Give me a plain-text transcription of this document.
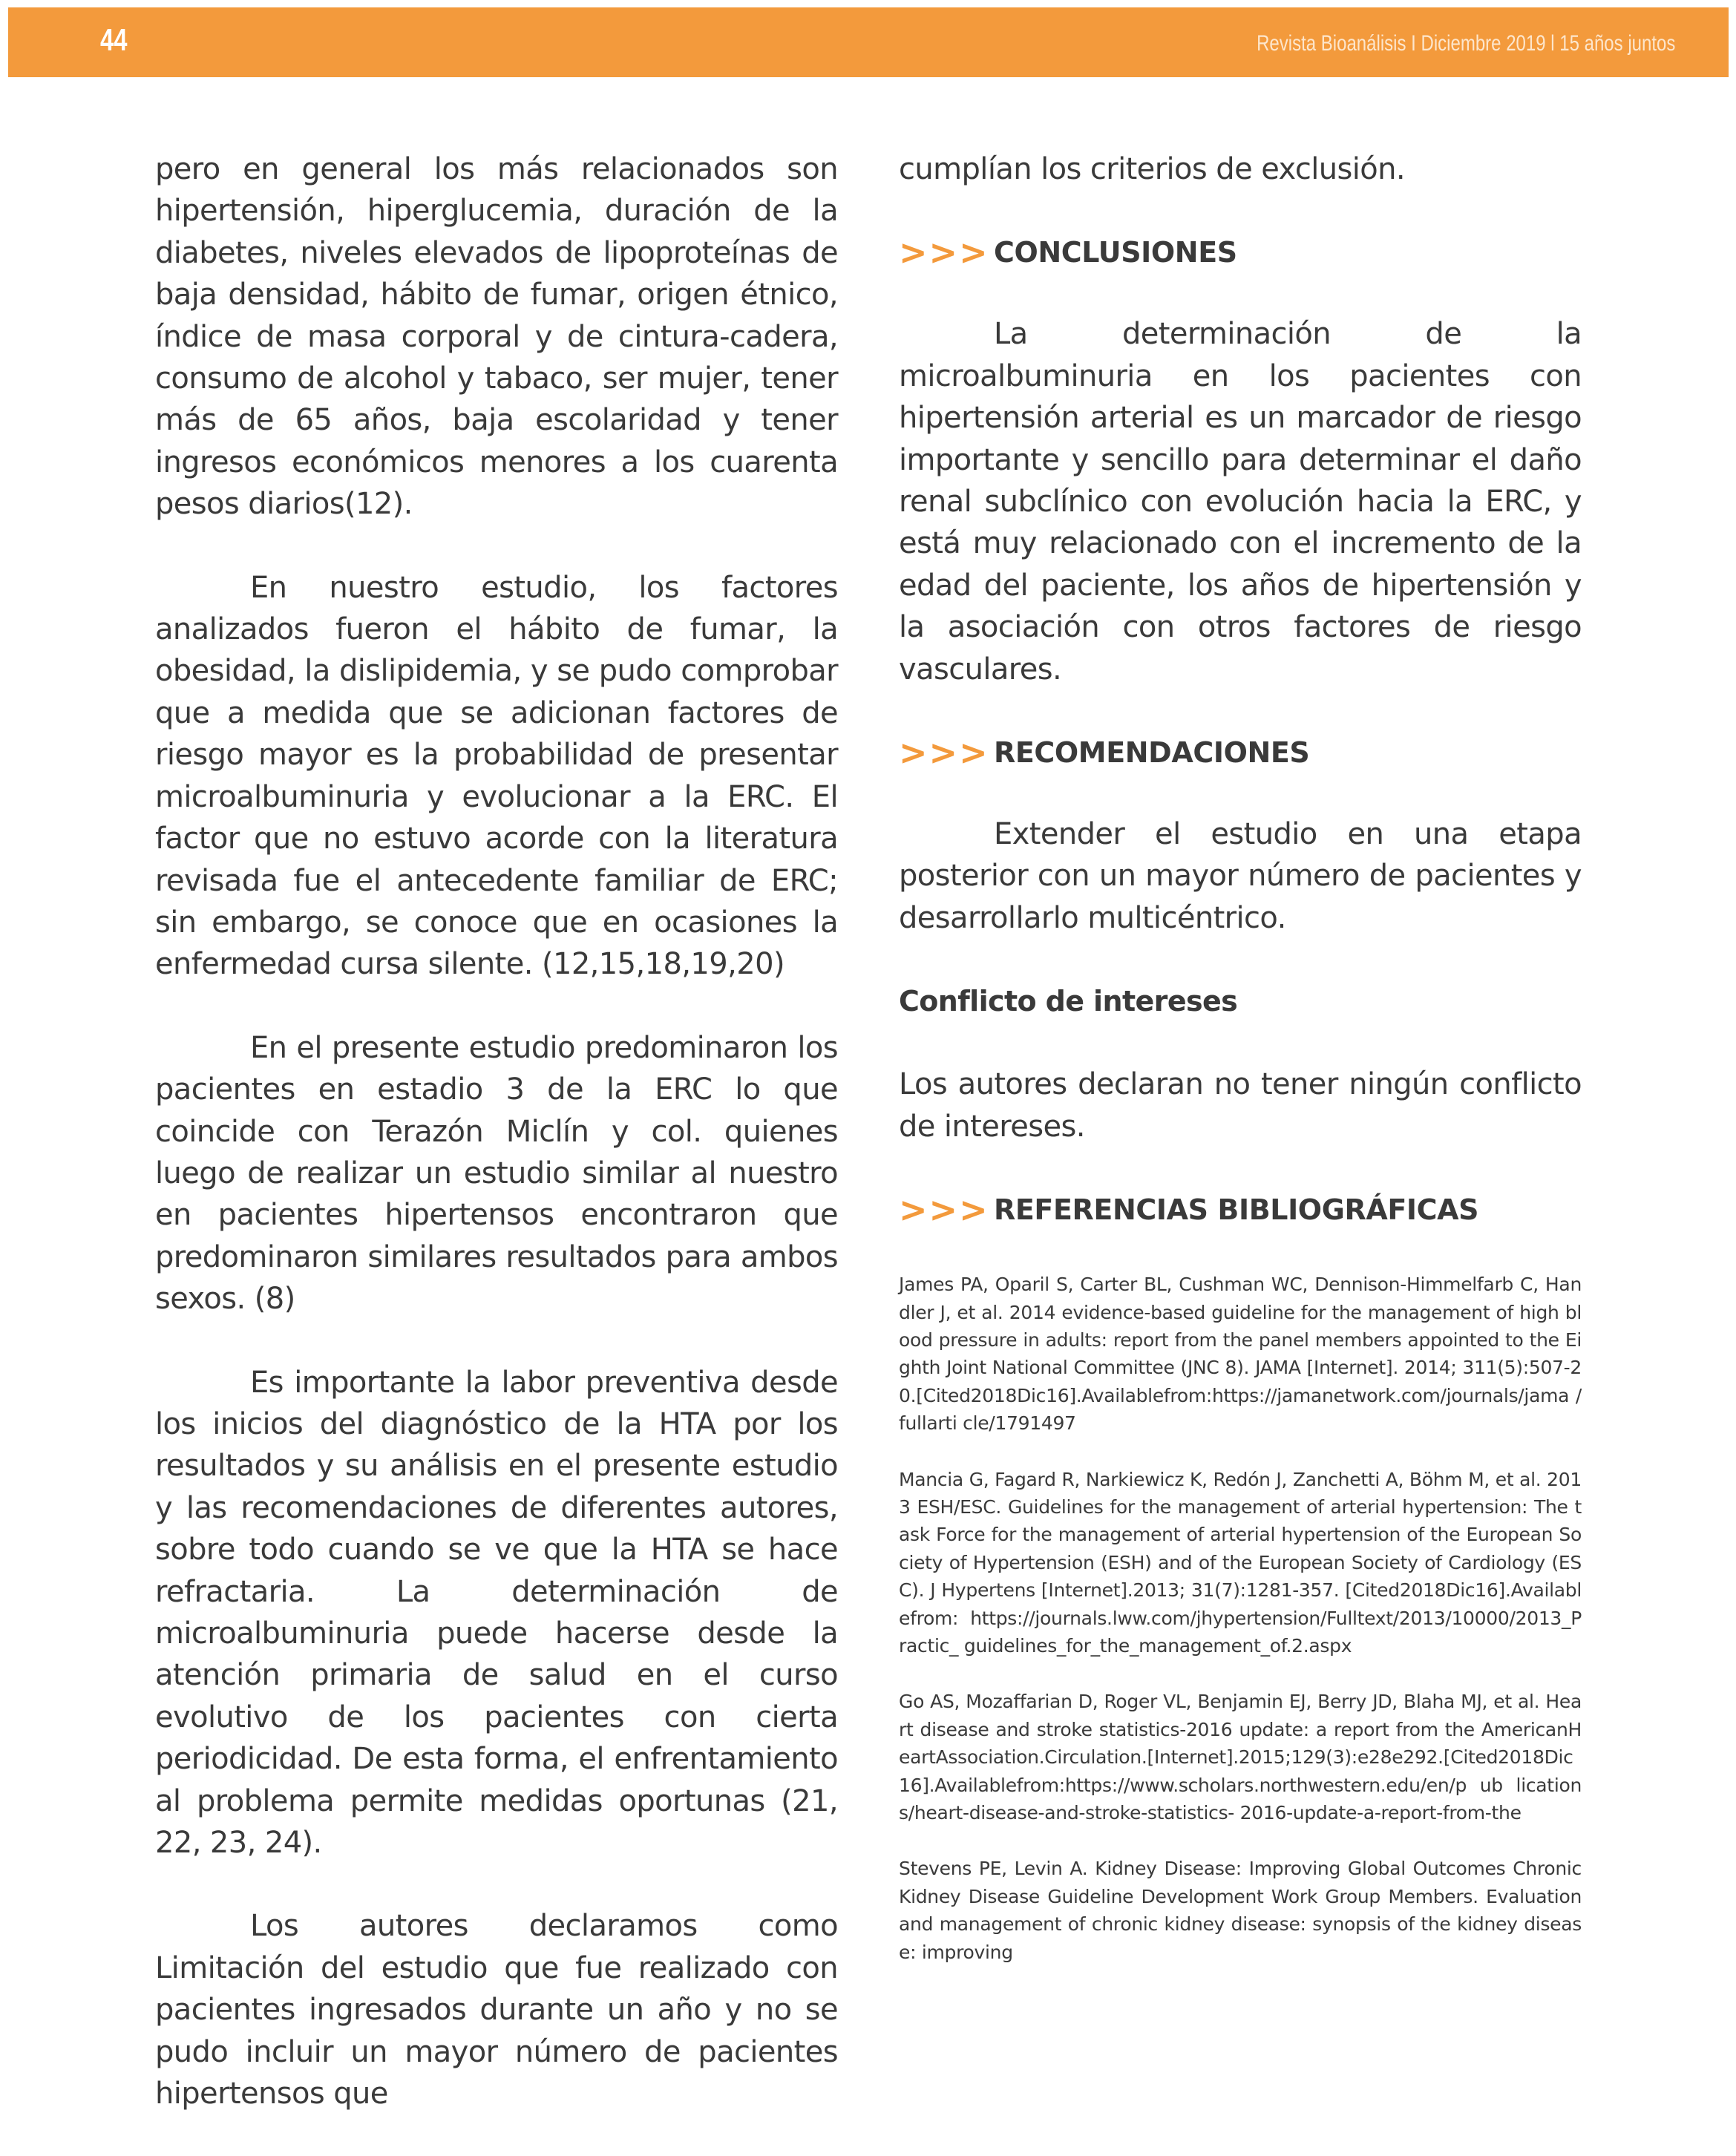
44	Revista Bioanálisis I Diciembre 2019 l 15 años juntos

pero en general los más relacionados son hipertensión, hiperglucemia, duración de la diabetes, niveles elevados de lipoproteínas de baja densidad, hábito de fumar, origen étnico, índice de masa corporal y de cintura-cadera, consumo de alcohol y tabaco, ser mujer, tener más de 65 años, baja escolaridad y tener ingresos económicos menores a los cuarenta pesos diarios(12).

En nuestro estudio, los factores analizados fueron el hábito de fumar, la obesidad, la dislipidemia, y se pudo comprobar que a medida que se adicionan factores de riesgo mayor es la probabilidad de presentar microalbuminuria y evolucionar a la ERC. El factor que no estuvo acorde con la literatura revisada fue el antecedente familiar de ERC; sin embargo, se conoce que en ocasiones la enfermedad cursa silente. (12,15,18,19,20)

En el presente estudio predominaron los pacientes en estadio 3 de la ERC lo que coincide con Terazón Miclín y col. quienes luego de realizar un estudio similar al nuestro en pacientes hipertensos encontraron que predominaron similares resultados para ambos sexos. (8)

Es importante la labor preventiva desde los inicios del diagnóstico de la HTA por los resultados y su análisis en el presente estudio y las recomendaciones de diferentes autores, sobre todo cuando se ve que la HTA se hace refractaria. La determinación de microalbuminuria puede hacerse desde la atención primaria de salud en el curso evolutivo de los pacientes con cierta periodicidad. De esta forma, el enfrentamiento al problema permite medidas oportunas (21, 22, 23, 24).

Los autores declaramos como Limitación del estudio que fue realizado con pacientes ingresados durante un año y no se pudo incluir un mayor número de pacientes hipertensos que

cumplían los criterios de exclusión.

>>> CONCLUSIONES

La determinación de la microalbuminuria en los pacientes con hipertensión arterial es un marcador de riesgo importante y sencillo para determinar el daño renal subclínico con evolución hacia la ERC, y está muy relacionado con el incremento de la edad del paciente, los años de hipertensión y la asociación con otros factores de riesgo vasculares.

>>> RECOMENDACIONES

Extender el estudio en una etapa posterior con un mayor número de pacientes y desarrollarlo multicéntrico.

Conflicto de intereses

Los autores declaran no tener ningún conflicto de intereses.

>>> REFERENCIAS BIBLIOGRÁFICAS

James PA, Oparil S, Carter BL, Cushman WC, Dennison-Himmelfarb C, Handler J, et al. 2014 evidence-based guideline for the management of high blood pressure in adults: report from the panel members appointed to the Eighth Joint National Committee (JNC 8). JAMA [Internet]. 2014; 311(5):507-20.[Cited2018Dic16].Availablefrom:https://jamanetwork.com/journals/jama /fullarti cle/1791497

Mancia G, Fagard R, Narkiewicz K, Redón J, Zanchetti A, Böhm M, et al. 2013 ESH/ESC. Guidelines for the management of arterial hypertension: The task Force for the management of arterial hypertension of the European Society of Hypertension (ESH) and of the European Society of Cardiology (ESC). J Hypertens [Internet].2013; 31(7):1281-357. [Cited2018Dic16].Availablefrom: https://journals.lww.com/jhypertension/Fulltext/2013/10000/2013_Practic_ guidelines_for_the_management_of.2.aspx

Go AS, Mozaffarian D, Roger VL, Benjamin EJ, Berry JD, Blaha MJ, et al. Heart disease and stroke statistics-2016 update: a report from the AmericanHeartAssociation.Circulation.[Internet].2015;129(3):e28e292.[Cited2018Dic16].Availablefrom:https://www.scholars.northwestern.edu/en/p ub lications/heart-disease-and-stroke-statistics- 2016-update-a-report-from-the

Stevens PE, Levin A. Kidney Disease: Improving Global Outcomes Chronic Kidney Disease Guideline Development Work Group Members. Evaluation and management of chronic kidney disease: synopsis of the kidney disease: improving
